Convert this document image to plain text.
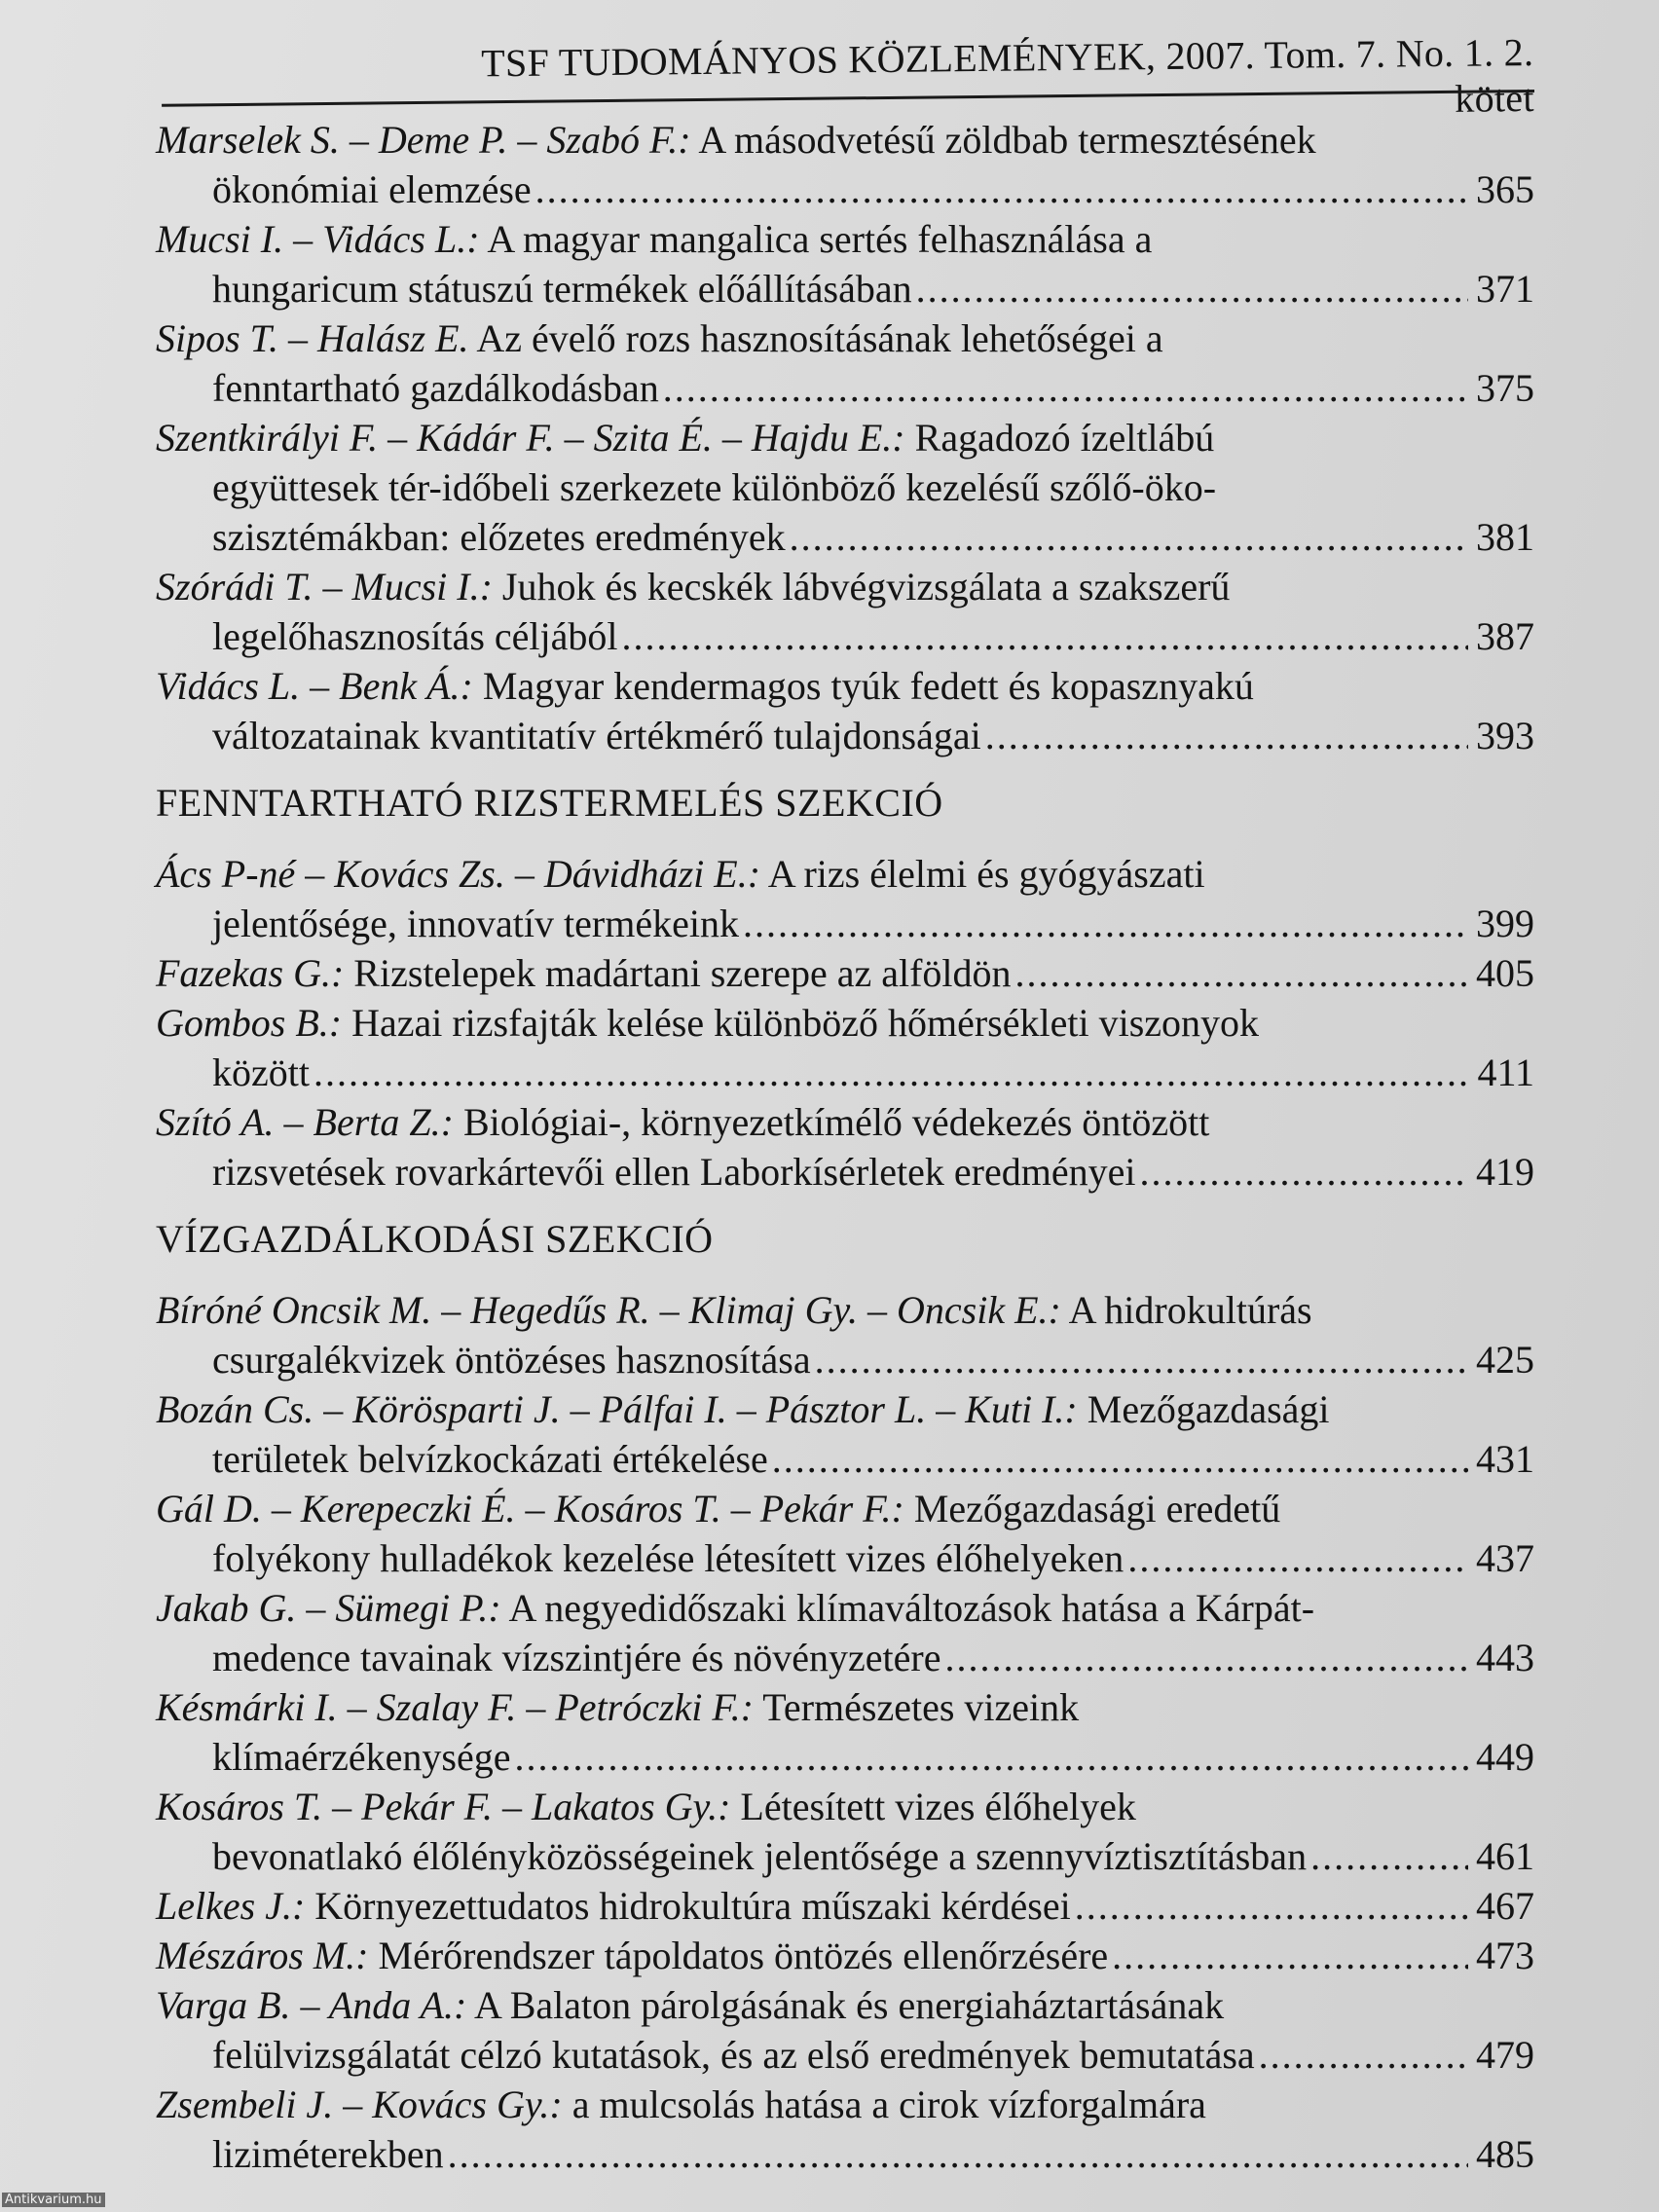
TSF TUDOMÁNYOS KÖZLEMÉNYEK, 2007. Tom. 7. No. 1. 2. kötet
Marselek S. – Deme P. – Szabó F.: A másodvetésű zöldbab termesztésének
ökonómiai elemzése .....	365
Mucsi I. – Vidács L.: A magyar mangalica sertés felhasználása a
hungaricum státuszú termékek előállításában .....	371
Sipos T. – Halász E. Az évelő rozs hasznosításának lehetőségei a
fenntartható gazdálkodásban .....	375
Szentkirályi F. – Kádár F. – Szita É. – Hajdu E.: Ragadozó ízeltlábú
együttesek tér-időbeli szerkezete különböző kezelésű szőlő-öko-
szisztémákban: előzetes eredmények .....	381
Szórádi T. – Mucsi I.: Juhok és kecskék lábvégvizsgálata a szakszerű
legelőhasznosítás céljából .....	387
Vidács L. – Benk Á.: Magyar kendermagos tyúk fedett és kopasznyakú
változatainak kvantitatív értékmérő tulajdonságai .....	393
FENNTARTHATÓ RIZSTERMELÉS SZEKCIÓ
Ács P-né – Kovács Zs. – Dávidházi E.: A rizs élelmi és gyógyászati
jelentősége, innovatív termékeink .....	399
Fazekas G.: Rizstelepek madártani szerepe az alföldön .....	405
Gombos B.: Hazai rizsfajták kelése különböző hőmérsékleti viszonyok
között .....	411
Szító A. – Berta Z.: Biológiai-, környezetkímélő védekezés öntözött
rizsvetések rovarkártevői ellen Laborkísérletek eredményei .....	419
VÍZGAZDÁLKODÁSI SZEKCIÓ
Bíróné Oncsik M. – Hegedűs R. – Klimaj Gy. – Oncsik E.: A hidrokultúrás
csurgalékvizek öntözéses hasznosítása .....	425
Bozán Cs. – Körösparti J. – Pálfai I. – Pásztor L. – Kuti I.: Mezőgazdasági
területek belvízkockázati értékelése .....	431
Gál D. – Kerepeczki É. – Kosáros T. – Pekár F.: Mezőgazdasági eredetű
folyékony hulladékok kezelése létesített vizes élőhelyeken .....	437
Jakab G. – Sümegi P.: A negyedidőszaki klímaváltozások hatása a Kárpát-
medence tavainak vízszintjére és növényzetére .....	443
Késmárki I. – Szalay F. – Petróczki F.: Természetes vizeink
klímaérzékenysége .....	449
Kosáros T. – Pekár F. – Lakatos Gy.: Létesített vizes élőhelyek
bevonatlakó élőlényközösségeinek jelentősége a szennyvíztisztításban .....	461
Lelkes J.: Környezettudatos hidrokultúra műszaki kérdései .....	467
Mészáros M.: Mérőrendszer tápoldatos öntözés ellenőrzésére .....	473
Varga B. – Anda A.: A Balaton párolgásának és energiaháztartásának
felülvizsgálatát célzó kutatások, és az első eredmények bemutatása .....	479
Zsembeli J. – Kovács Gy.: a mulcsolás hatása a cirok vízforgalmára
liziméterekben .....	485
Antikvarium.hu
